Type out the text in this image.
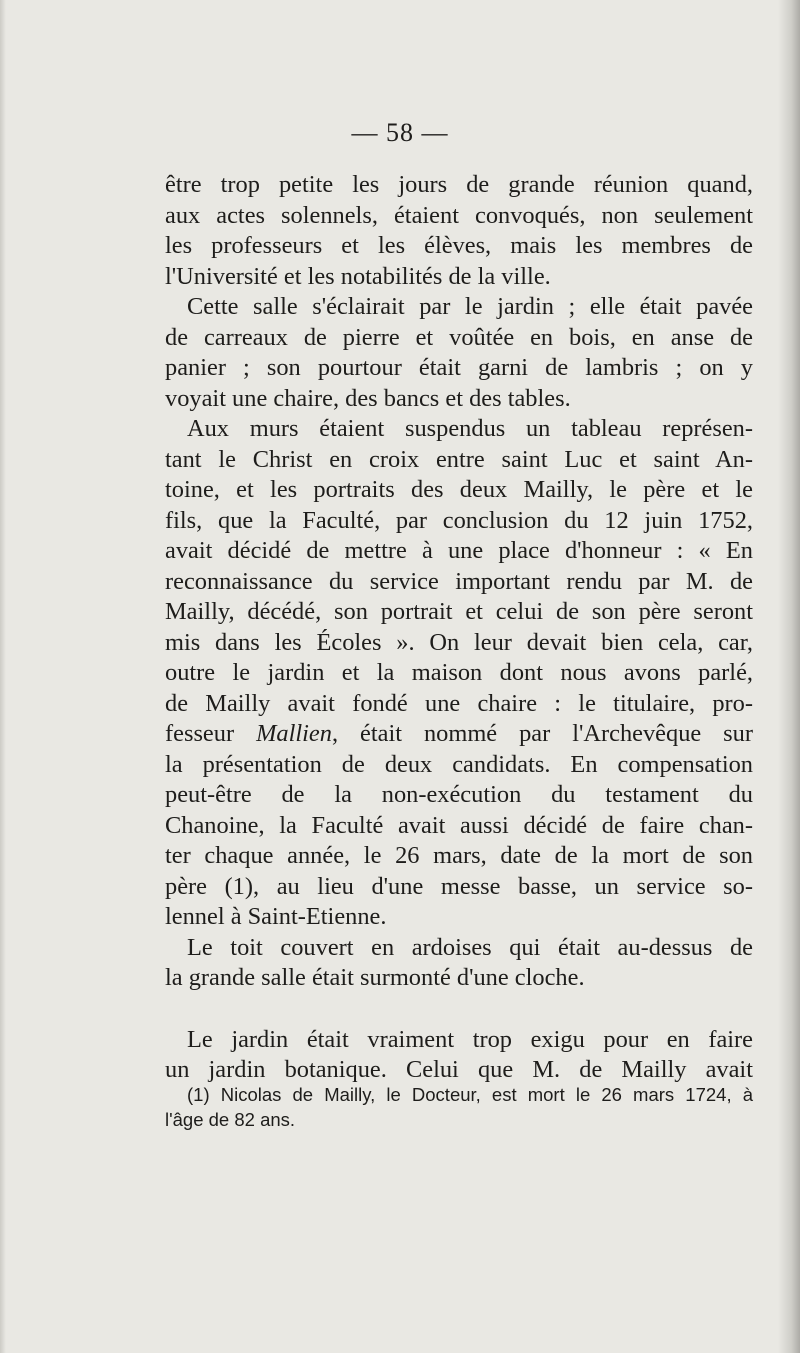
— 58 —

être trop petite les jours de grande réunion quand,
aux actes solennels, étaient convoqués, non seulement
les professeurs et les élèves, mais les membres de
l'Université et les notabilités de la ville.

Cette salle s'éclairait par le jardin ; elle était pavée
de carreaux de pierre et voûtée en bois, en anse de
panier ; son pourtour était garni de lambris ; on y
voyait une chaire, des bancs et des tables.

Aux murs étaient suspendus un tableau représen-
tant le Christ en croix entre saint Luc et saint An-
toine, et les portraits des deux Mailly, le père et le
fils, que la Faculté, par conclusion du 12 juin 1752,
avait décidé de mettre à une place d'honneur : « En
reconnaissance du service important rendu par M. de
Mailly, décédé, son portrait et celui de son père seront
mis dans les Écoles ». On leur devait bien cela, car,
outre le jardin et la maison dont nous avons parlé,
de Mailly avait fondé une chaire : le titulaire, pro-
fesseur Mallien, était nommé par l'Archevêque sur
la présentation de deux candidats. En compensation
peut-être de la non-exécution du testament du
Chanoine, la Faculté avait aussi décidé de faire chan-
ter chaque année, le 26 mars, date de la mort de son
père (1), au lieu d'une messe basse, un service so-
lennel à Saint-Etienne.

Le toit couvert en ardoises qui était au-dessus de
la grande salle était surmonté d'une cloche.

Le jardin était vraiment trop exigu pour en faire
un jardin botanique. Celui que M. de Mailly avait

(1) Nicolas de Mailly, le Docteur, est mort le 26 mars 1724, à
l'âge de 82 ans.
